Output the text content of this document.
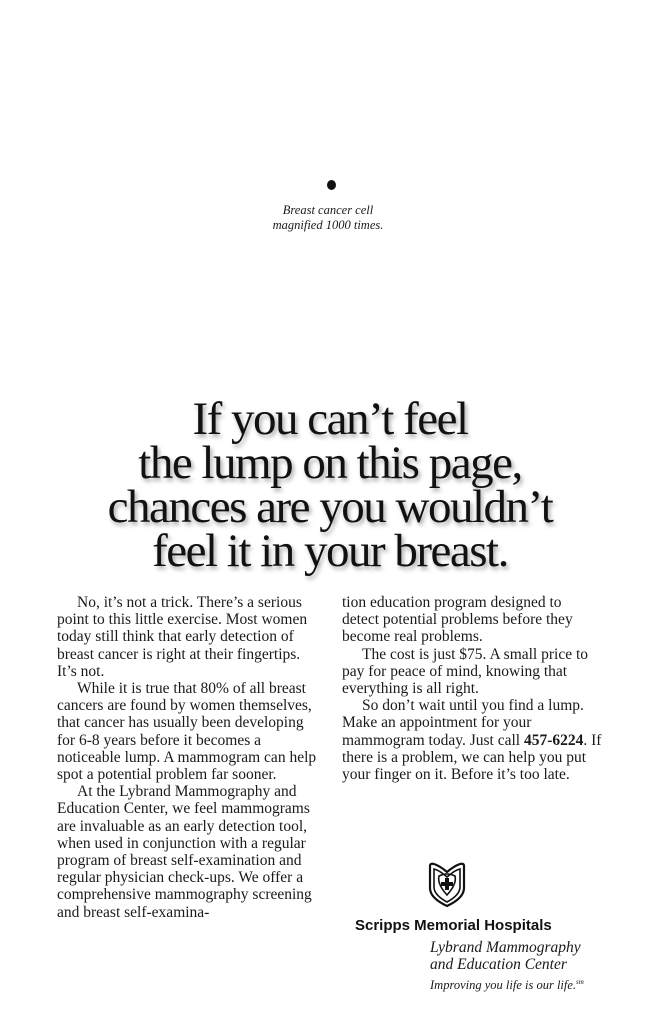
Breast cancer cell
magnified 1000 times.
If you can’t feel
the lump on this page,
chances are you wouldn’t
feel it in your breast.

No, it’s not a trick. There’s a serious point to this little exercise. Most women today still think that early detection of breast cancer is right at their fingertips. It’s not.

While it is true that 80% of all breast cancers are found by women themselves, that cancer has usually been developing for 6-8 years before it becomes a noticeable lump. A mammogram can help spot a potential problem far sooner.

At the Lybrand Mammography and Education Center, we feel mammograms are invaluable as an early detection tool, when used in conjunction with a regular program of breast self-examination and regular physician check-ups. We offer a comprehensive mammography screening and breast self-examina-

tion education program designed to detect potential problems before they become real problems.

The cost is just $75. A small price to pay for peace of mind, knowing that everything is all right.

So don’t wait until you find a lump. Make an appointment for your mammogram today. Just call 457-6224. If there is a problem, we can help you put your finger on it. Before it’s too late.

Scripps Memorial Hospitals
Lybrand Mammography
and Education Center
Improving you life is our life.$^{sm}$
